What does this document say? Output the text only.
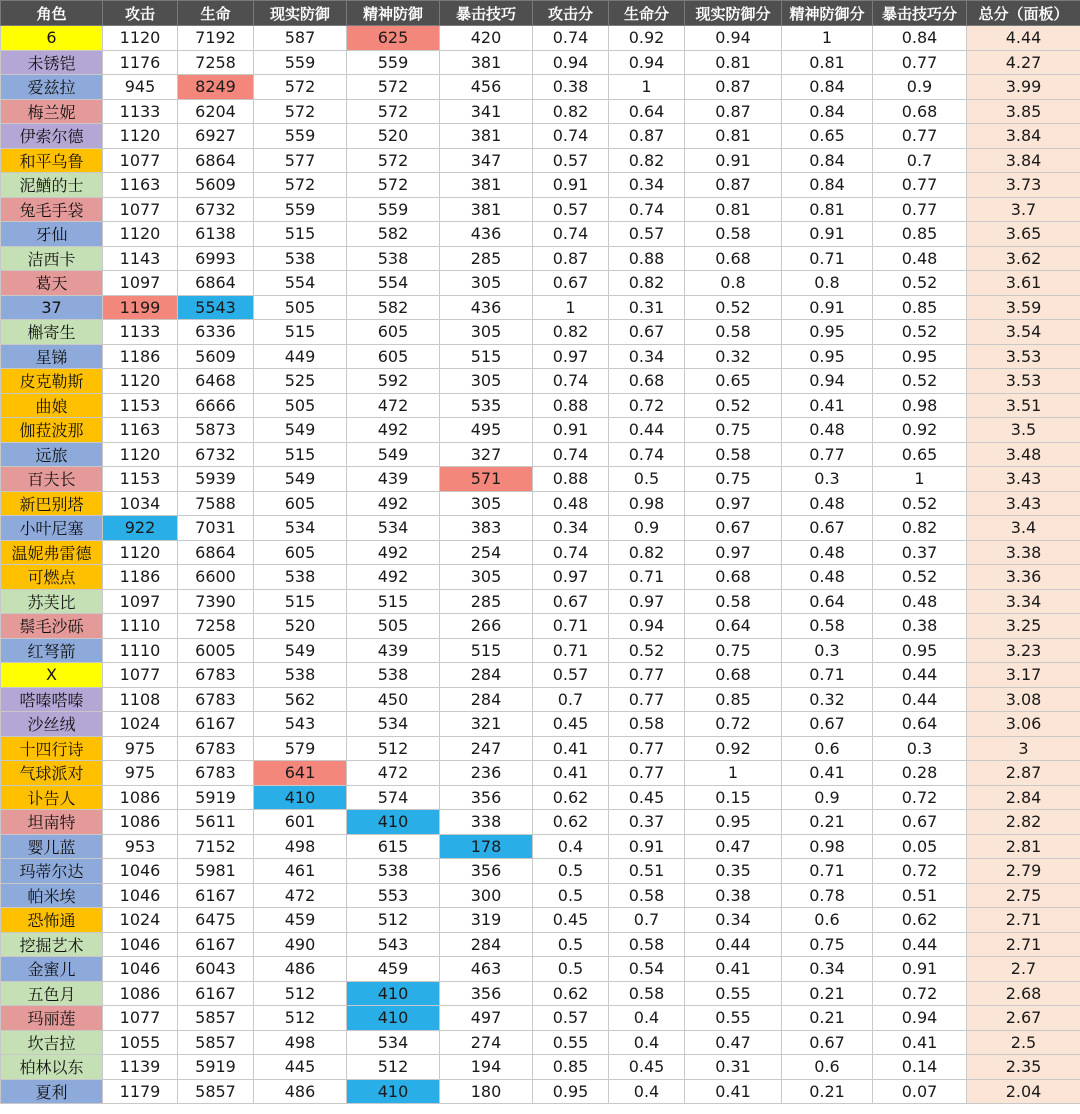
角色	攻击	生命	现实防御	精神防御	暴击技巧	攻击分	生命分	现实防御分	精神防御分	暴击技巧分	总分（面板）
6	1120	7192	587	625	420	0.74	0.92	0.94	1	0.84	4.44
未锈铠	1176	7258	559	559	381	0.94	0.94	0.81	0.81	0.77	4.27
爱兹拉	945	8249	572	572	456	0.38	1	0.87	0.84	0.9	3.99
梅兰妮	1133	6204	572	572	341	0.82	0.64	0.87	0.84	0.68	3.85
伊索尔德	1120	6927	559	520	381	0.74	0.87	0.81	0.65	0.77	3.84
和平乌鲁	1077	6864	577	572	347	0.57	0.82	0.91	0.84	0.7	3.84
泥鰌的士	1163	5609	572	572	381	0.91	0.34	0.87	0.84	0.77	3.73
兔毛手袋	1077	6732	559	559	381	0.57	0.74	0.81	0.81	0.77	3.7
牙仙	1120	6138	515	582	436	0.74	0.57	0.58	0.91	0.85	3.65
洁西卡	1143	6993	538	538	285	0.87	0.88	0.68	0.71	0.48	3.62
葛天	1097	6864	554	554	305	0.67	0.82	0.8	0.8	0.52	3.61
37	1199	5543	505	582	436	1	0.31	0.52	0.91	0.85	3.59
槲寄生	1133	6336	515	605	305	0.82	0.67	0.58	0.95	0.52	3.54
星锑	1186	5609	449	605	515	0.97	0.34	0.32	0.95	0.95	3.53
皮克勒斯	1120	6468	525	592	305	0.74	0.68	0.65	0.94	0.52	3.53
曲娘	1153	6666	505	472	535	0.88	0.72	0.52	0.41	0.98	3.51
伽菈波那	1163	5873	549	492	495	0.91	0.44	0.75	0.48	0.92	3.5
远旅	1120	6732	515	549	327	0.74	0.74	0.58	0.77	0.65	3.48
百夫长	1153	5939	549	439	571	0.88	0.5	0.75	0.3	1	3.43
新巴别塔	1034	7588	605	492	305	0.48	0.98	0.97	0.48	0.52	3.43
小叶尼塞	922	7031	534	534	383	0.34	0.9	0.67	0.67	0.82	3.4
温妮弗雷德	1120	6864	605	492	254	0.74	0.82	0.97	0.48	0.37	3.38
可燃点	1186	6600	538	492	305	0.97	0.71	0.68	0.48	0.52	3.36
苏芙比	1097	7390	515	515	285	0.67	0.97	0.58	0.64	0.48	3.34
鬃毛沙砾	1110	7258	520	505	266	0.71	0.94	0.64	0.58	0.38	3.25
红弩箭	1110	6005	549	439	515	0.71	0.52	0.75	0.3	0.95	3.23
X	1077	6783	538	538	284	0.57	0.77	0.68	0.71	0.44	3.17
嗒嗪嗒嗪	1108	6783	562	450	284	0.7	0.77	0.85	0.32	0.44	3.08
沙丝绒	1024	6167	543	534	321	0.45	0.58	0.72	0.67	0.64	3.06
十四行诗	975	6783	579	512	247	0.41	0.77	0.92	0.6	0.3	3
气球派对	975	6783	641	472	236	0.41	0.77	1	0.41	0.28	2.87
讣告人	1086	5919	410	574	356	0.62	0.45	0.15	0.9	0.72	2.84
坦南特	1086	5611	601	410	338	0.62	0.37	0.95	0.21	0.67	2.82
婴儿蓝	953	7152	498	615	178	0.4	0.91	0.47	0.98	0.05	2.81
玛蒂尔达	1046	5981	461	538	356	0.5	0.51	0.35	0.71	0.72	2.79
帕米埃	1046	6167	472	553	300	0.5	0.58	0.38	0.78	0.51	2.75
恐怖通	1024	6475	459	512	319	0.45	0.7	0.34	0.6	0.62	2.71
挖掘艺术	1046	6167	490	543	284	0.5	0.58	0.44	0.75	0.44	2.71
金蜜儿	1046	6043	486	459	463	0.5	0.54	0.41	0.34	0.91	2.7
五色月	1086	6167	512	410	356	0.62	0.58	0.55	0.21	0.72	2.68
玛丽莲	1077	5857	512	410	497	0.57	0.4	0.55	0.21	0.94	2.67
坎吉拉	1055	5857	498	534	274	0.55	0.4	0.47	0.67	0.41	2.5
柏林以东	1139	5919	445	512	194	0.85	0.45	0.31	0.6	0.14	2.35
夏利	1179	5857	486	410	180	0.95	0.4	0.41	0.21	0.07	2.04
